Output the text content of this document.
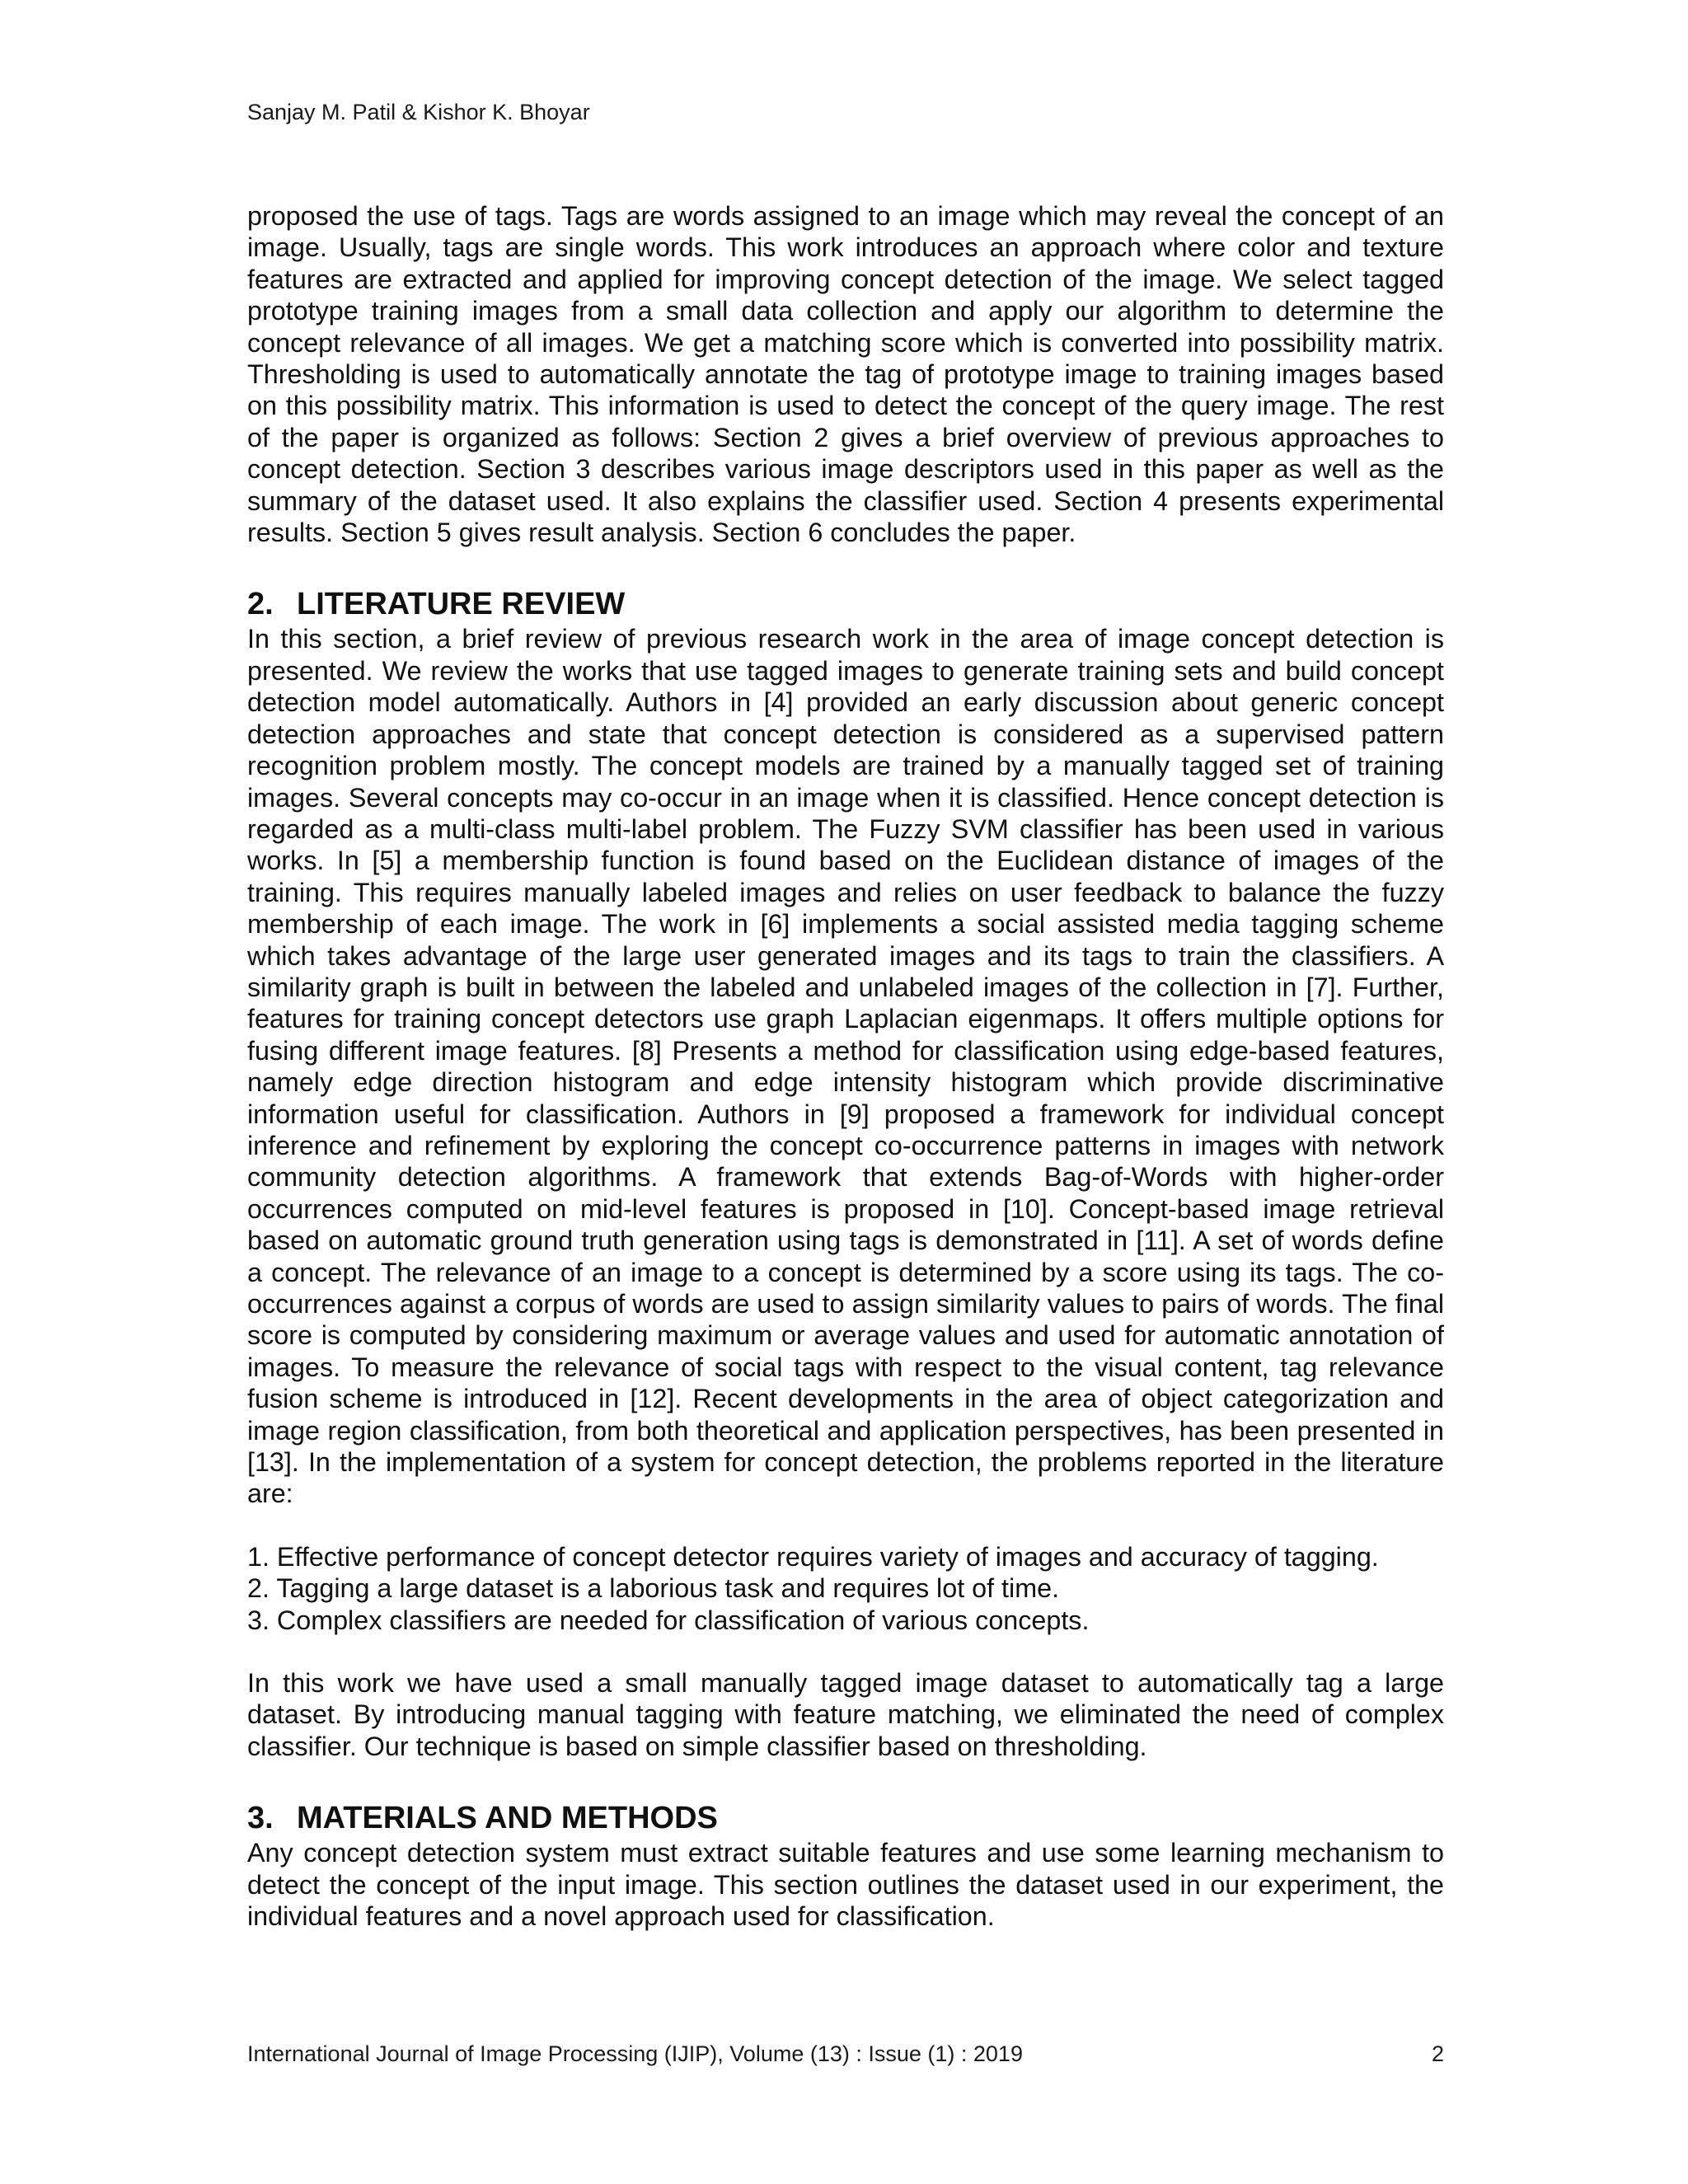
Sanjay M. Patil & Kishor K. Bhoyar

proposed the use of tags. Tags are words assigned to an image which may reveal the concept of an image. Usually, tags are single words. This work introduces an approach where color and texture features are extracted and applied for improving concept detection of the image. We select tagged prototype training images from a small data collection and apply our algorithm to determine the concept relevance of all images. We get a matching score which is converted into possibility matrix. Thresholding is used to automatically annotate the tag of prototype image to training images based on this possibility matrix. This information is used to detect the concept of the query image. The rest of the paper is organized as follows: Section 2 gives a brief overview of previous approaches to concept detection. Section 3 describes various image descriptors used in this paper as well as the summary of the dataset used. It also explains the classifier used. Section 4 presents experimental results. Section 5 gives result analysis. Section 6 concludes the paper.

2. LITERATURE REVIEW

In this section, a brief review of previous research work in the area of image concept detection is presented. We review the works that use tagged images to generate training sets and build concept detection model automatically. Authors in [4] provided an early discussion about generic concept detection approaches and state that concept detection is considered as a supervised pattern recognition problem mostly. The concept models are trained by a manually tagged set of training images. Several concepts may co-occur in an image when it is classified. Hence concept detection is regarded as a multi-class multi-label problem. The Fuzzy SVM classifier has been used in various works. In [5] a membership function is found based on the Euclidean distance of images of the training. This requires manually labeled images and relies on user feedback to balance the fuzzy membership of each image. The work in [6] implements a social assisted media tagging scheme which takes advantage of the large user generated images and its tags to train the classifiers. A similarity graph is built in between the labeled and unlabeled images of the collection in [7]. Further, features for training concept detectors use graph Laplacian eigenmaps. It offers multiple options for fusing different image features. [8] Presents a method for classification using edge-based features, namely edge direction histogram and edge intensity histogram which provide discriminative information useful for classification. Authors in [9] proposed a framework for individual concept inference and refinement by exploring the concept co-occurrence patterns in images with network community detection algorithms. A framework that extends Bag-of-Words with higher-order occurrences computed on mid-level features is proposed in [10]. Concept-based image retrieval based on automatic ground truth generation using tags is demonstrated in [11]. A set of words define a concept. The relevance of an image to a concept is determined by a score using its tags. The co-occurrences against a corpus of words are used to assign similarity values to pairs of words. The final score is computed by considering maximum or average values and used for automatic annotation of images. To measure the relevance of social tags with respect to the visual content, tag relevance fusion scheme is introduced in [12]. Recent developments in the area of object categorization and image region classification, from both theoretical and application perspectives, has been presented in [13]. In the implementation of a system for concept detection, the problems reported in the literature are:

1. Effective performance of concept detector requires variety of images and accuracy of tagging.
2. Tagging a large dataset is a laborious task and requires lot of time.
3. Complex classifiers are needed for classification of various concepts.

In this work we have used a small manually tagged image dataset to automatically tag a large dataset. By introducing manual tagging with feature matching, we eliminated the need of complex classifier. Our technique is based on simple classifier based on thresholding.

3. MATERIALS AND METHODS

Any concept detection system must extract suitable features and use some learning mechanism to detect the concept of the input image. This section outlines the dataset used in our experiment, the individual features and a novel approach used for classification.

International Journal of Image Processing (IJIP), Volume (13) : Issue (1) : 2019	2
